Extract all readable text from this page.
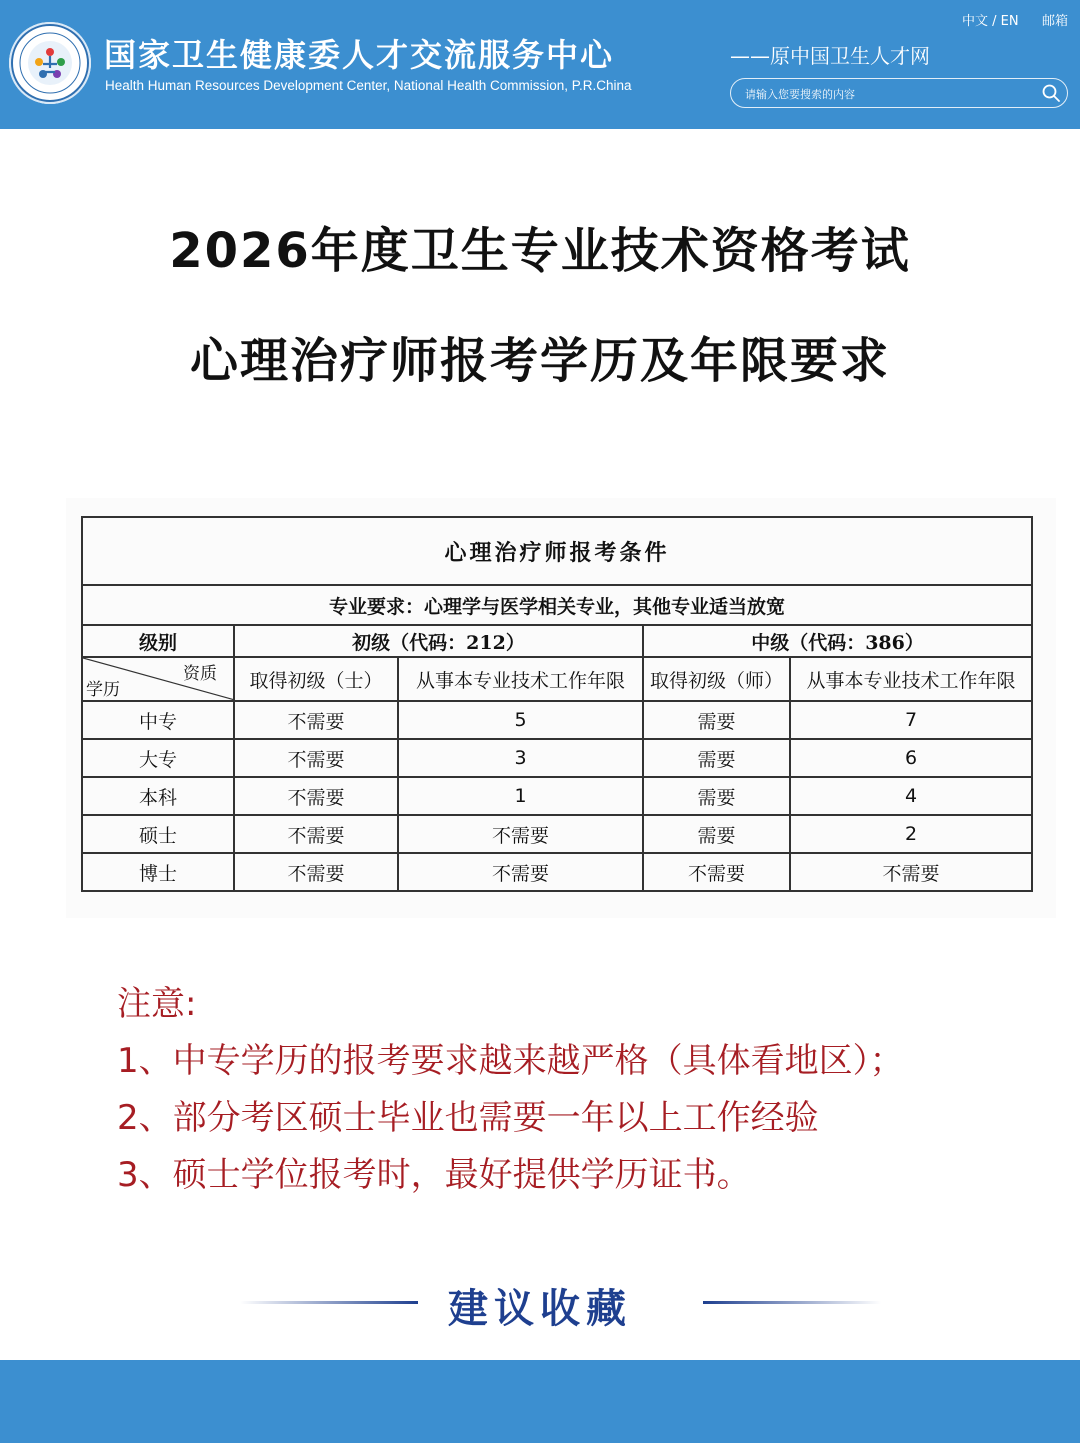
国家卫生健康委人才交流服务中心
Health Human Resources Development Center, National Health Commission, P.R.China
——原中国卫生人才网
中文 / EN 邮箱
请输入您要搜索的内容
2026年度卫生专业技术资格考试
心理治疗师报考学历及年限要求
心理治疗师报考条件				
专业要求：心理学与医学相关专业，其他专业适当放宽				
级别	初级（代码：212）		中级（代码：386）	

资质
学历	取得初级（士）	从事本专业技术工作年限	取得初级（师）	从事本专业技术工作年限
中专	不需要	5	需要	7
大专	不需要	3	需要	6
本科	不需要	1	需要	4
硕士	不需要	不需要	需要	2
博士	不需要	不需要	不需要	不需要
注意:
1、中专学历的报考要求越来越严格（具体看地区）；
2、部分考区硕士毕业也需要一年以上工作经验
3、硕士学位报考时，最好提供学历证书。
建议收藏
